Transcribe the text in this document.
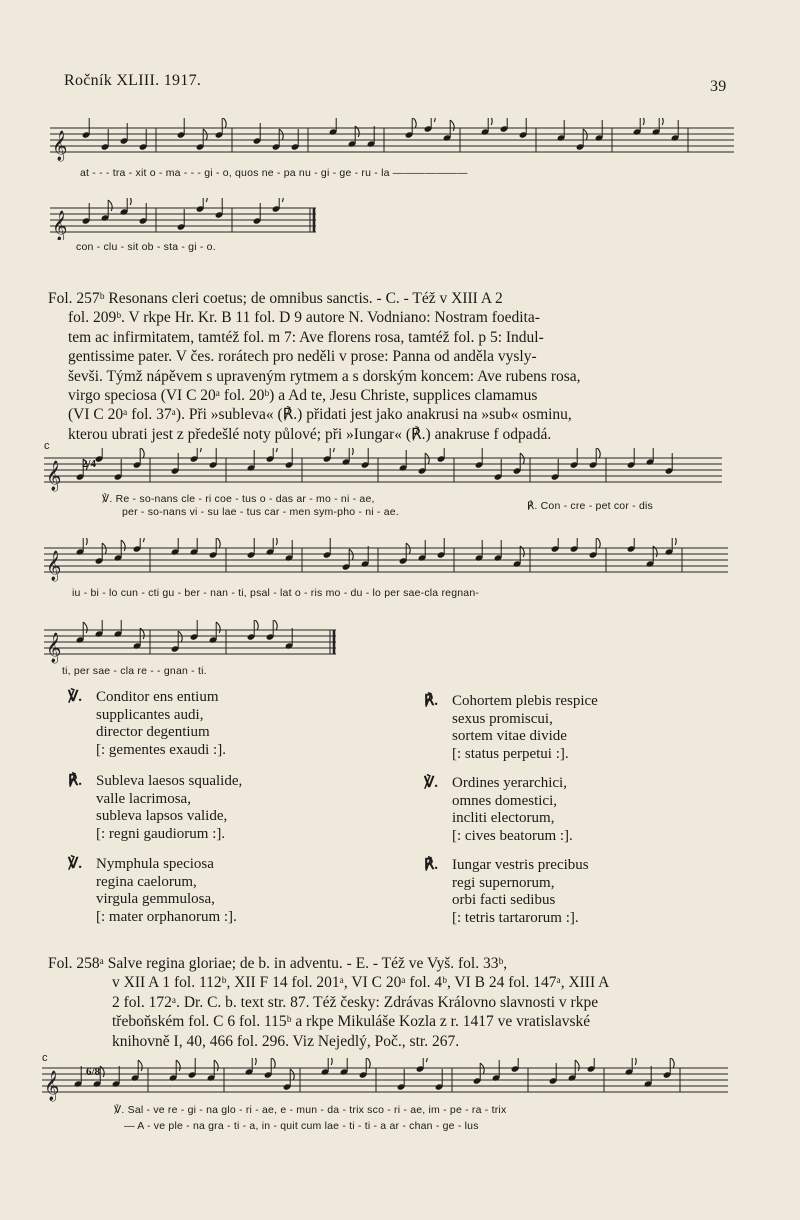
Ročník XLIII. 1917.	39
𝄞
at - - - tra - xit o - ma - - - gi - o, quos ne - pa nu - gi - ge - ru - la ———————
𝄞
con - clu - sit ob - sta - gi - o.
Fol. 257ᵇ Resonans cleri coetus; de omnibus sanctis. - C. - Též v XIII A 2
fol. 209ᵇ. V rkpe Hr. Kr. B 11 fol. D 9 autore N. Vodniano: Nostram foedita-
tem ac infirmitatem, tamtéž fol. m 7: Ave florens rosa, tamtéž fol. p 5: Indul-
gentissime pater. V čes. rorátech pro neděli v prose: Panna od anděla vysly-
ševši. Týmž nápěvem s upraveným rytmem a s dorským koncem: Ave rubens rosa,
virgo speciosa (VI C 20ᵃ fol. 20ᵇ) a Ad te, Jesu Christe, supplices clamamus
(VI C 20ᵃ fol. 37ᵃ). Při »subleva« (℟.) přidati jest jako anakrusi na »sub« osminu,
kterou ubrati jest z předešlé noty půlové; při »Iungar« (℟.) anakruse f odpadá.
c
𝄞 2/4
℣. Re - so-nans cle - ri coe - tus o - das ar - mo - ni - ae,
per - so-nans vi - su lae - tus car - men sym-pho - ni - ae.	℟. Con - cre - pet cor - dis
𝄞
iu - bi - lo cun - cti gu - ber - nan - ti, psal - lat o - ris mo - du - lo per sae-cla regnan-
𝄞
ti, per sae - cla re - - gnan - ti.
℣. Conditor ens entium
supplicantes audi,
director degentium
[: gementes exaudi :].
℟. Subleva laesos squalide,
valle lacrimosa,
subleva lapsos valide,
[: regni gaudiorum :].
℣. Nymphula speciosa
regina caelorum,
virgula gemmulosa,
[: mater orphanorum :].
℟. Cohortem plebis respice
sexus promiscui,
sortem vitae divide
[: status perpetui :].
℣. Ordines yerarchici,
omnes domestici,
incliti electorum,
[: cives beatorum :].
℟. Iungar vestris precibus
regi supernorum,
orbi facti sedibus
[: tetris tartarorum :].
Fol. 258ᵃ Salve regina gloriae; de b. in adventu. - E. - Též ve Vyš. fol. 33ᵇ,
v XII A 1 fol. 112ᵇ, XII F 14 fol. 201ᵃ, VI C 20ᵃ fol. 4ᵇ, VI B 24 fol. 147ᵃ, XIII A
2 fol. 172ᵃ. Dr. C. b. text str. 87. Též česky: Zdrávas Královno slavnosti v rkpe
třeboňském fol. C 6 fol. 115ᵇ a rkpe Mikuláše Kozla z r. 1417 ve vratislavské
knihovně I, 40, 466 fol. 296. Viz Nejedlý, Poč., str. 267.
c
𝄞 6/8
℣. Sal - ve re - gi - na glo - ri - ae, e - mun - da - trix sco - ri - ae, im - pe - ra - trix
— A - ve ple - na gra - ti - a, in - quit cum lae - ti - ti - a ar - chan - ge - lus
